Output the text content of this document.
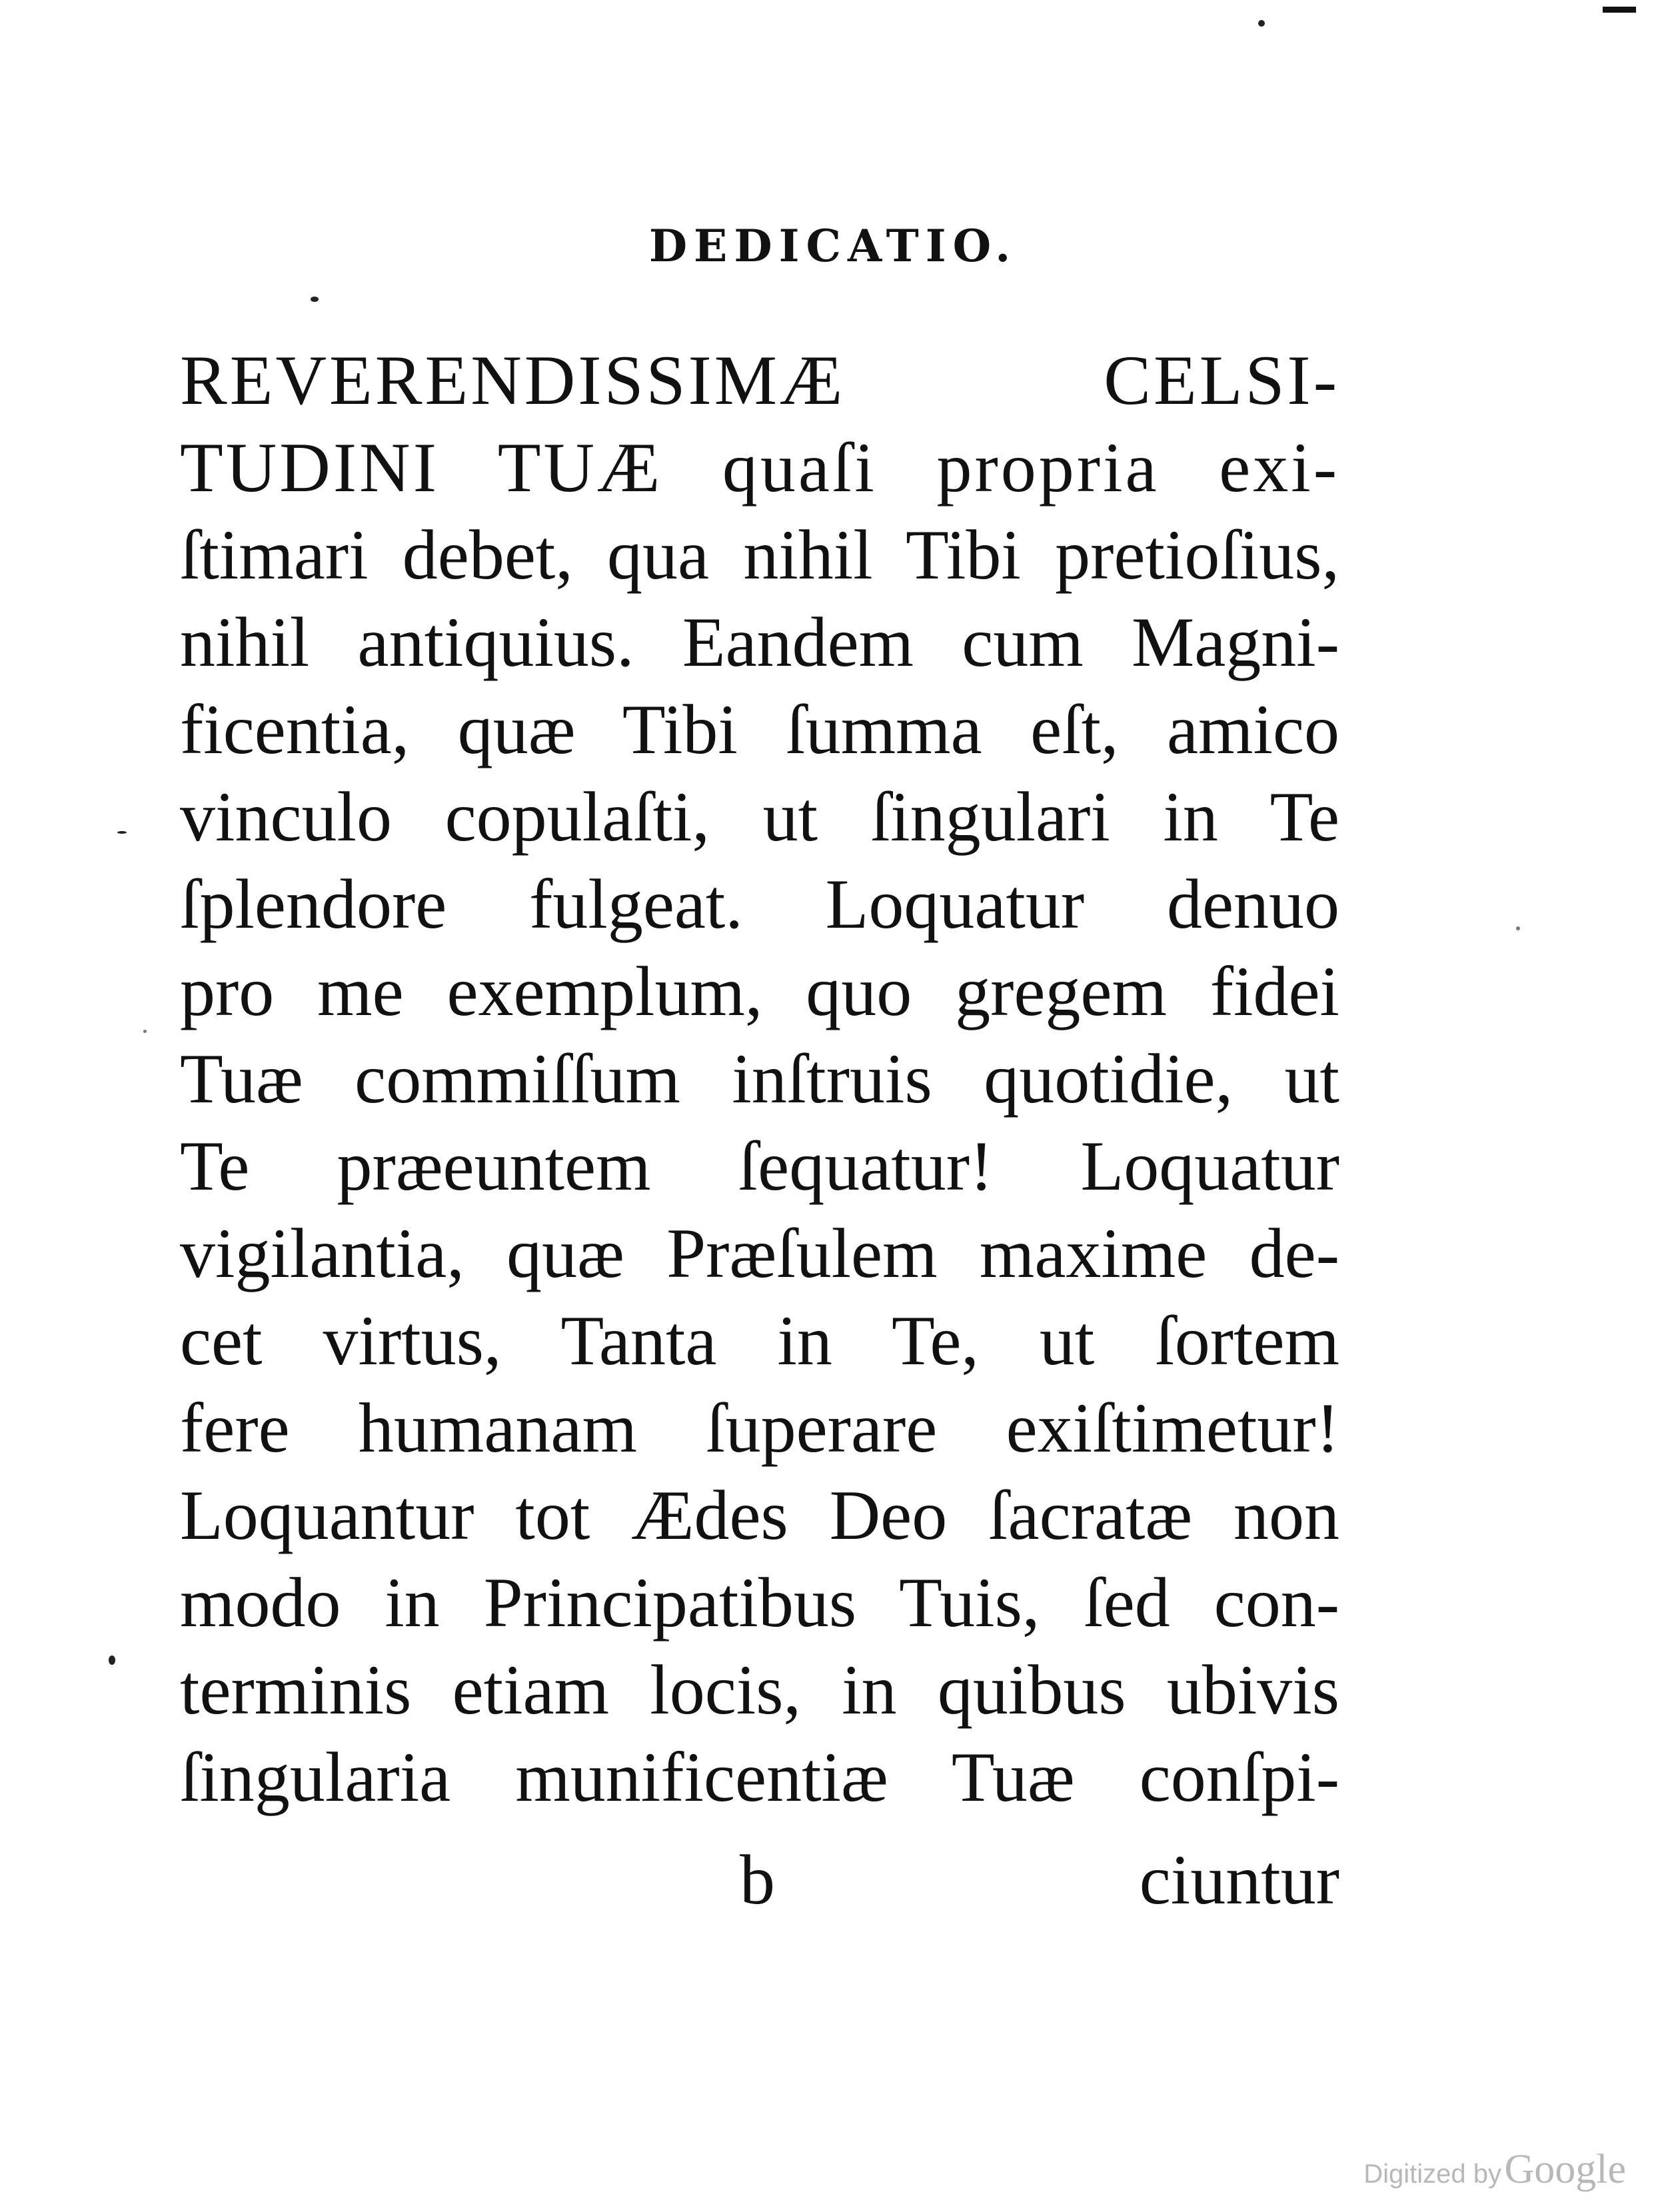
DEDICATIO.
REVERENDISSIMÆ CELSI-
TUDINI TUÆ quaſi propria exi-
ſtimari debet, qua nihil Tibi pretioſius,
nihil antiquius. Eandem cum Magni-
ficentia, quæ Tibi ſumma eſt, amico
vinculo copulaſti, ut ſingulari in Te
ſplendore fulgeat. Loquatur denuo
pro me exemplum, quo gregem fidei
Tuæ commiſſum inſtruis quotidie, ut
Te præeuntem ſequatur! Loquatur
vigilantia, quæ Præſulem maxime de-
cet virtus, Tanta in Te, ut ſortem
fere humanam ſuperare exiſtimetur!
Loquantur tot Ædes Deo ſacratæ non
modo in Principatibus Tuis, ſed con-
terminis etiam locis, in quibus ubivis
ſingularia munificentiæ Tuæ conſpi-
b	ciuntur
Digitized by Google
